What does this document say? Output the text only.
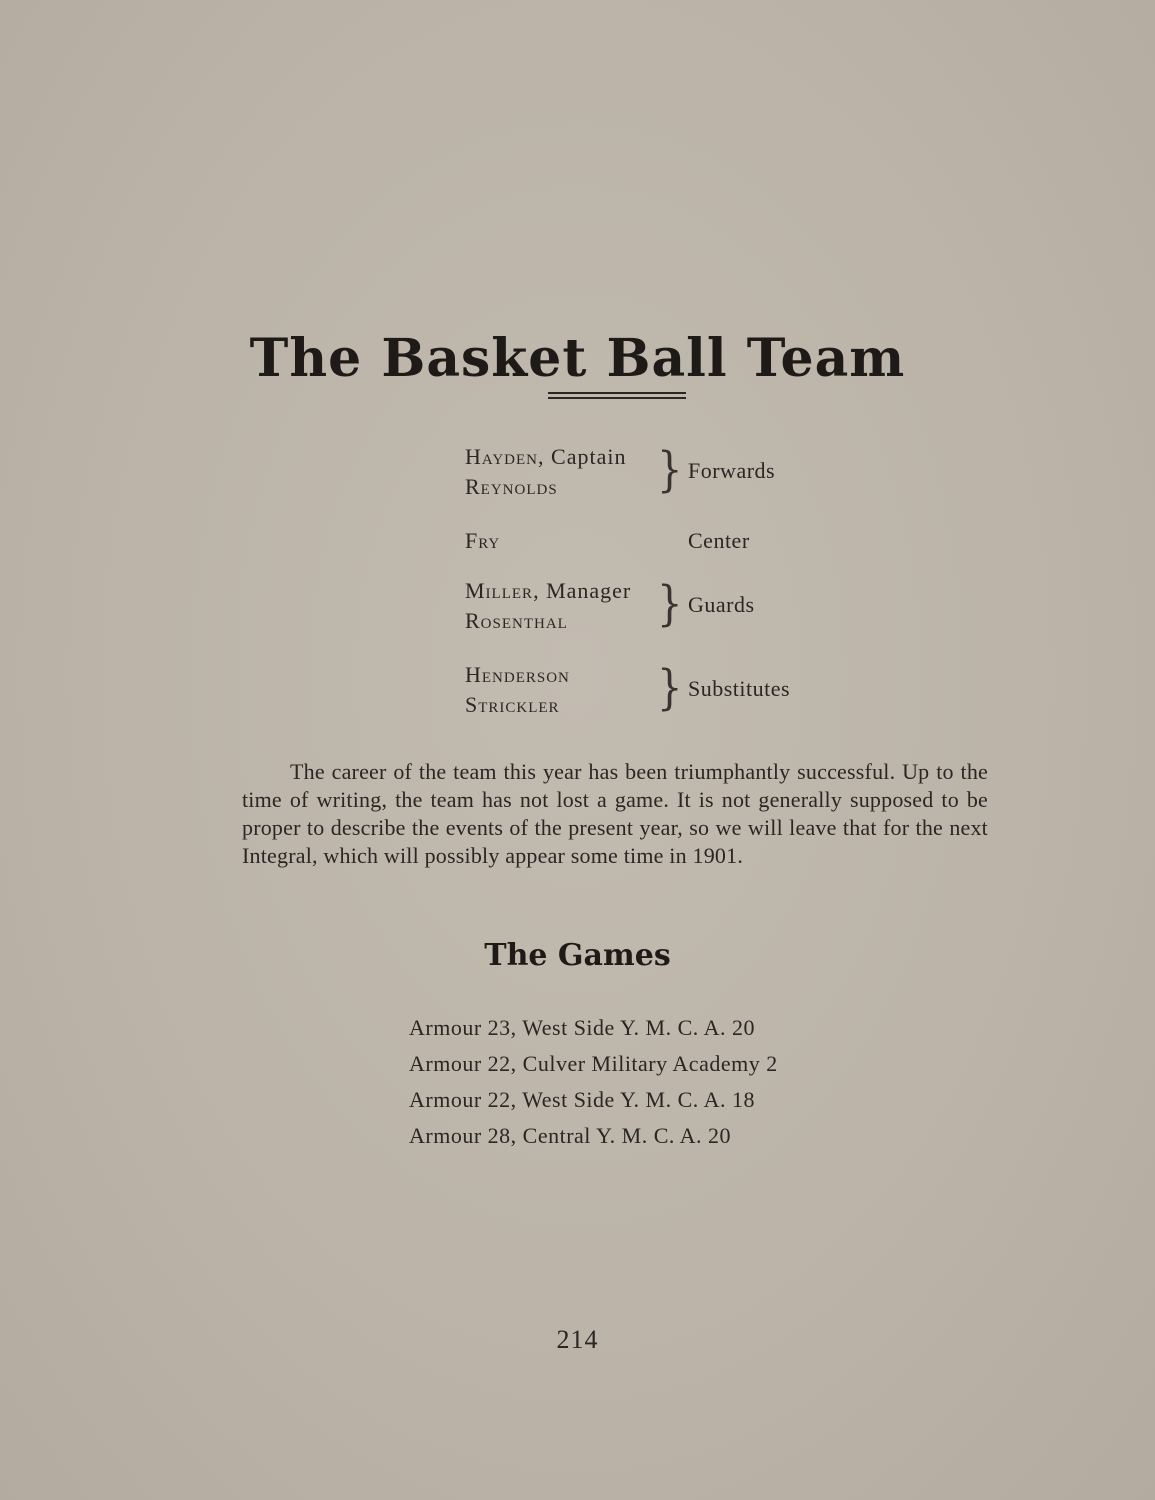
The Basket Ball Team
Hayden, Captain
Reynolds } Forwards
Fry	Center
Miller, Manager
Rosenthal } Guards
Henderson
Strickler } Substitutes
The career of the team this year has been triumphantly successful. Up to the time of writing, the team has not lost a game. It is not generally supposed to be proper to describe the events of the present year, so we will leave that for the next Integral, which will possibly appear some time in 1901.
The Games
Armour 23, West Side Y. M. C. A. 20
Armour 22, Culver Military Academy 2
Armour 22, West Side Y. M. C. A. 18
Armour 28, Central Y. M. C. A. 20
214
